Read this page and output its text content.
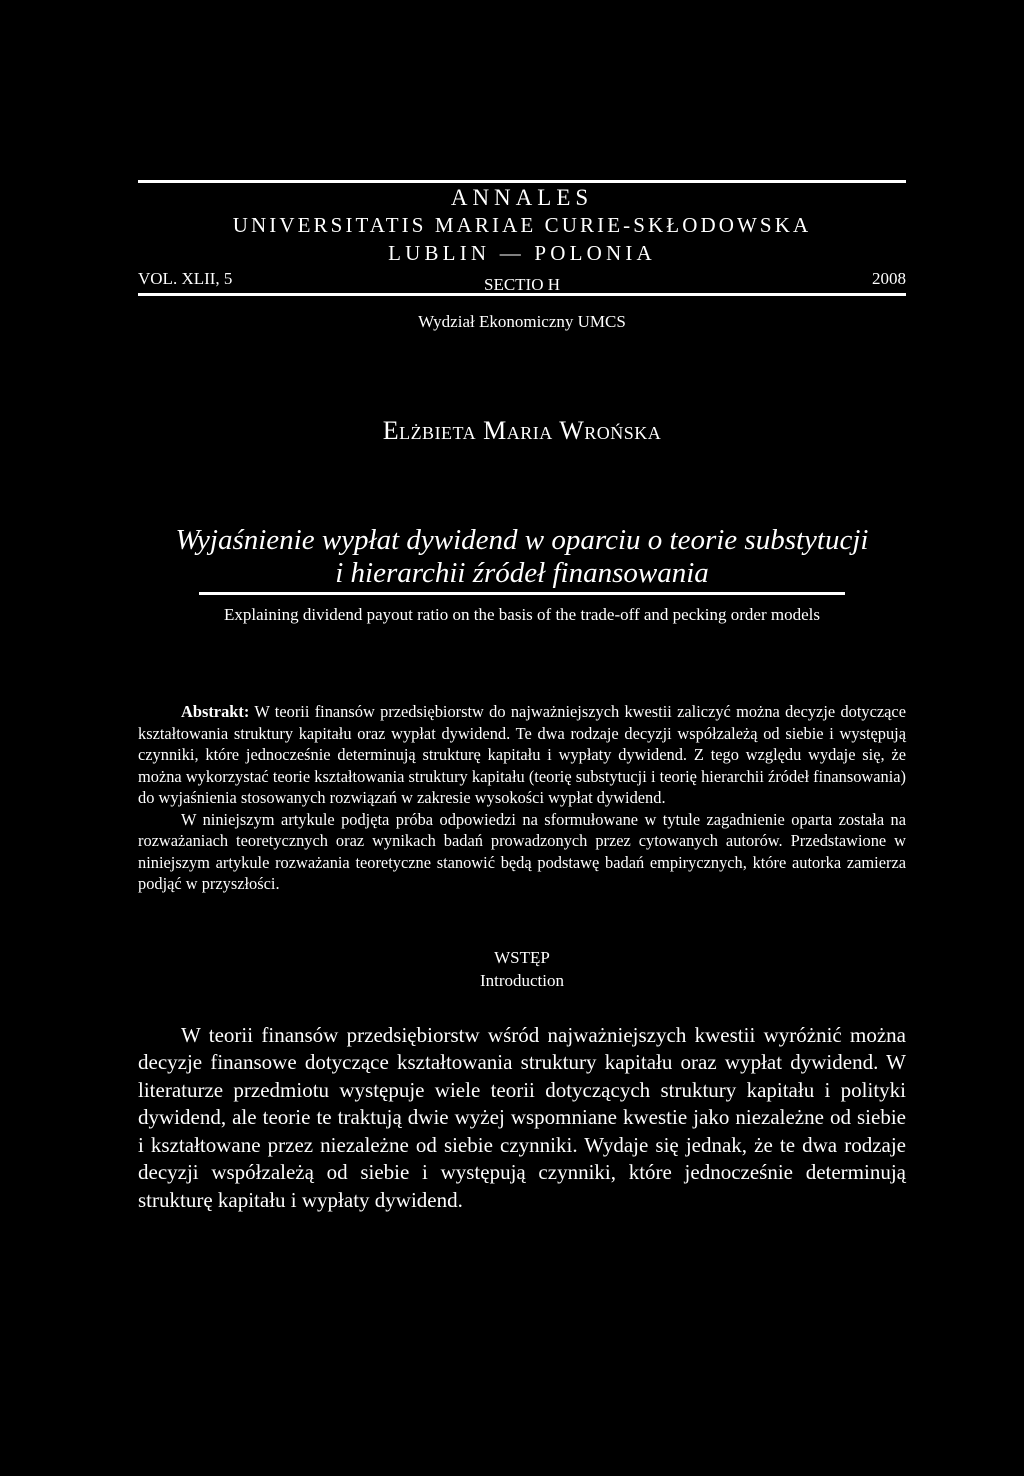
ANNALES
UNIVERSITATIS MARIAE CURIE-SKŁODOWSKA
LUBLIN — POLONIA
VOL. XLII, 5	2008
SECTIO H
Wydział Ekonomiczny UMCS
Elżbieta Maria Wrońska
Wyjaśnienie wypłat dywidend w oparciu o teorie substytucji
i hierarchii źródeł finansowania
Explaining dividend payout ratio on the basis of the trade-off and pecking order models

Abstrakt: W teorii finansów przedsiębiorstw do najważniejszych kwestii zaliczyć można decyzje dotyczące kształtowania struktury kapitału oraz wypłat dywidend. Te dwa rodzaje decyzji współzależą od siebie i występują czynniki, które jednocześnie determinują strukturę kapitału i wypłaty dywidend. Z tego względu wydaje się, że można wykorzystać teorie kształtowania struktury kapitału (teorię substytucji i teorię hierarchii źródeł finansowania) do wyjaśnienia stosowanych rozwiązań w zakresie wysokości wypłat dywidend.

W niniejszym artykule podjęta próba odpowiedzi na sformułowane w tytule zagadnienie oparta została na rozważaniach teoretycznych oraz wynikach badań prowadzonych przez cytowanych autorów. Przedstawione w niniejszym artykule rozważania teoretyczne stanowić będą podstawę badań empirycznych, które autorka zamierza podjąć w przyszłości.

WSTĘP
Introduction

W teorii finansów przedsiębiorstw wśród najważniejszych kwestii wyróżnić można decyzje finansowe dotyczące kształtowania struktury kapitału oraz wypłat dywidend. W literaturze przedmiotu występuje wiele teorii dotyczących struktury kapitału i polityki dywidend, ale teorie te traktują dwie wyżej wspomniane kwestie jako niezależne od siebie i kształtowane przez niezależne od siebie czynniki. Wydaje się jednak, że te dwa rodzaje decyzji współzależą od siebie i występują czynniki, które jednocześnie determinują strukturę kapitału i wypłaty dywidend.
